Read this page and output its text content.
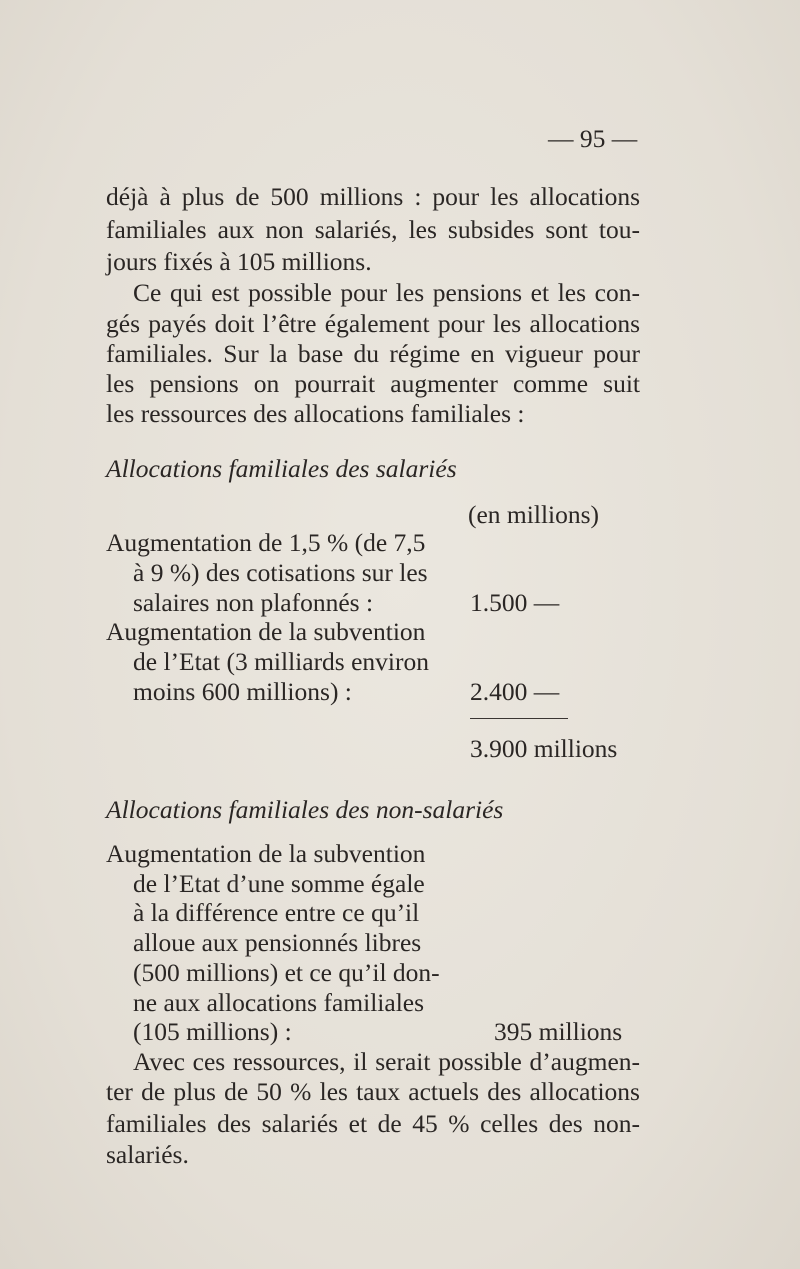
— 95 —
déjà à plus de 500 millions : pour les allocations
familiales aux non salariés, les subsides sont tou-
jours fixés à 105 millions.
Ce qui est possible pour les pensions et les con-
gés payés doit l’être également pour les allocations
familiales. Sur la base du régime en vigueur pour
les pensions on pourrait augmenter comme suit
les ressources des allocations familiales :
Allocations familiales des salariés
(en millions)
Augmentation de 1,5 % (de 7,5
à 9 %) des cotisations sur les
salaires non plafonnés :	1.500 —
Augmentation de la subvention
de l’Etat (3 milliards environ
moins 600 millions) :	2.400 —
3.900 millions
Allocations familiales des non-salariés
Augmentation de la subvention
de l’Etat d’une somme égale
à la différence entre ce qu’il
alloue aux pensionnés libres
(500 millions) et ce qu’il don-
ne aux allocations familiales
(105 millions) :	395 millions
Avec ces ressources, il serait possible d’augmen-
ter de plus de 50 % les taux actuels des allocations
familiales des salariés et de 45 % celles des non-
salariés.
